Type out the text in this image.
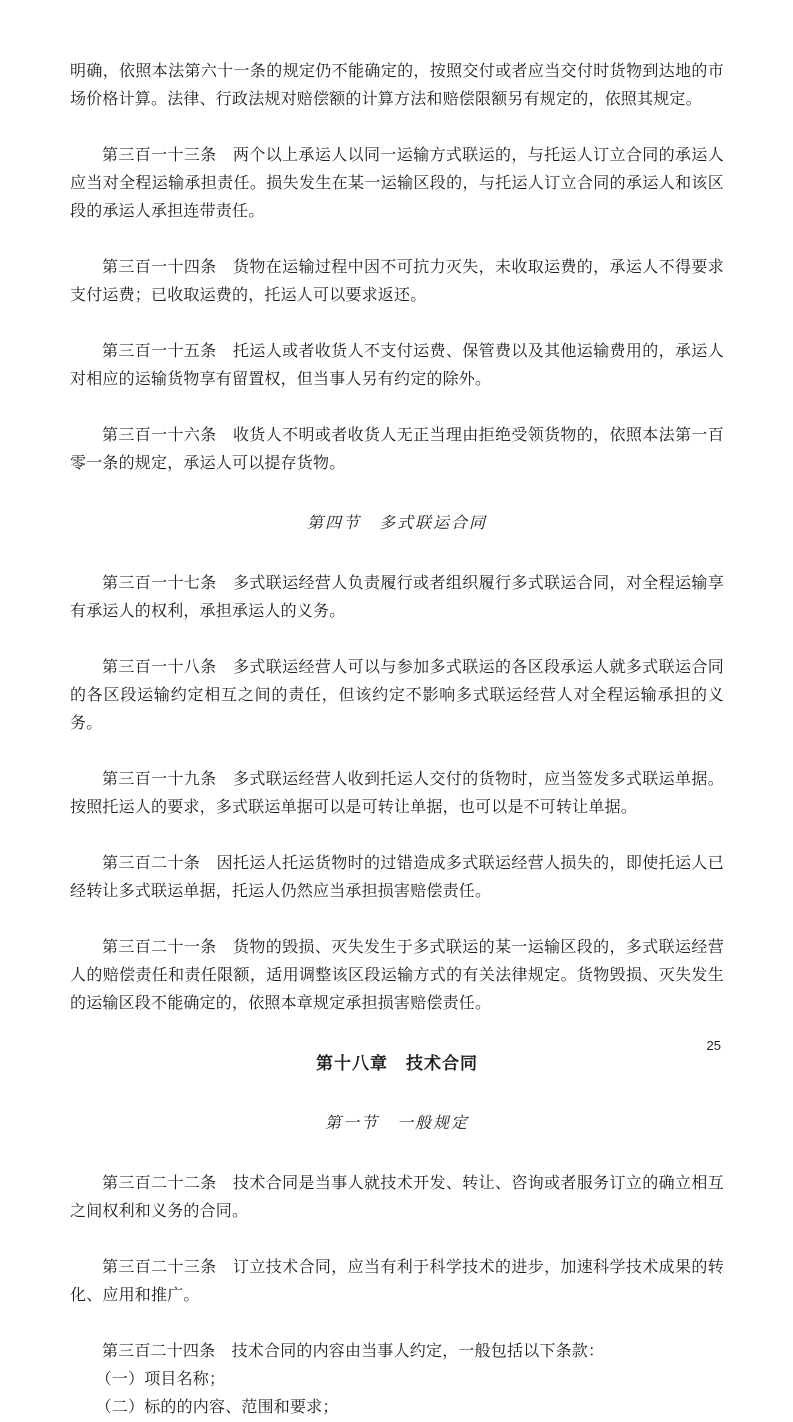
明确，依照本法第六十一条的规定仍不能确定的，按照交付或者应当交付时货物到达地的市场价格计算。法律、行政法规对赔偿额的计算方法和赔偿限额另有规定的，依照其规定。

第三百一十三条　两个以上承运人以同一运输方式联运的，与托运人订立合同的承运人应当对全程运输承担责任。损失发生在某一运输区段的，与托运人订立合同的承运人和该区段的承运人承担连带责任。

第三百一十四条　货物在运输过程中因不可抗力灭失，未收取运费的，承运人不得要求支付运费；已收取运费的，托运人可以要求返还。

第三百一十五条　托运人或者收货人不支付运费、保管费以及其他运输费用的，承运人对相应的运输货物享有留置权，但当事人另有约定的除外。

第三百一十六条　收货人不明或者收货人无正当理由拒绝受领货物的，依照本法第一百零一条的规定，承运人可以提存货物。

第四节　多式联运合同

第三百一十七条　多式联运经营人负责履行或者组织履行多式联运合同，对全程运输享有承运人的权利，承担承运人的义务。

第三百一十八条　多式联运经营人可以与参加多式联运的各区段承运人就多式联运合同的各区段运输约定相互之间的责任，但该约定不影响多式联运经营人对全程运输承担的义务。

第三百一十九条　多式联运经营人收到托运人交付的货物时，应当签发多式联运单据。按照托运人的要求，多式联运单据可以是可转让单据，也可以是不可转让单据。

第三百二十条　因托运人托运货物时的过错造成多式联运经营人损失的，即使托运人已经转让多式联运单据，托运人仍然应当承担损害赔偿责任。

第三百二十一条　货物的毁损、灭失发生于多式联运的某一运输区段的，多式联运经营人的赔偿责任和责任限额，适用调整该区段运输方式的有关法律规定。货物毁损、灭失发生的运输区段不能确定的，依照本章规定承担损害赔偿责任。

第十八章　技术合同

第一节　一般规定

第三百二十二条　技术合同是当事人就技术开发、转让、咨询或者服务订立的确立相互之间权利和义务的合同。

第三百二十三条　订立技术合同，应当有利于科学技术的进步，加速科学技术成果的转化、应用和推广。

第三百二十四条　技术合同的内容由当事人约定，一般包括以下条款：

（一）项目名称；

（二）标的的内容、范围和要求；

25
